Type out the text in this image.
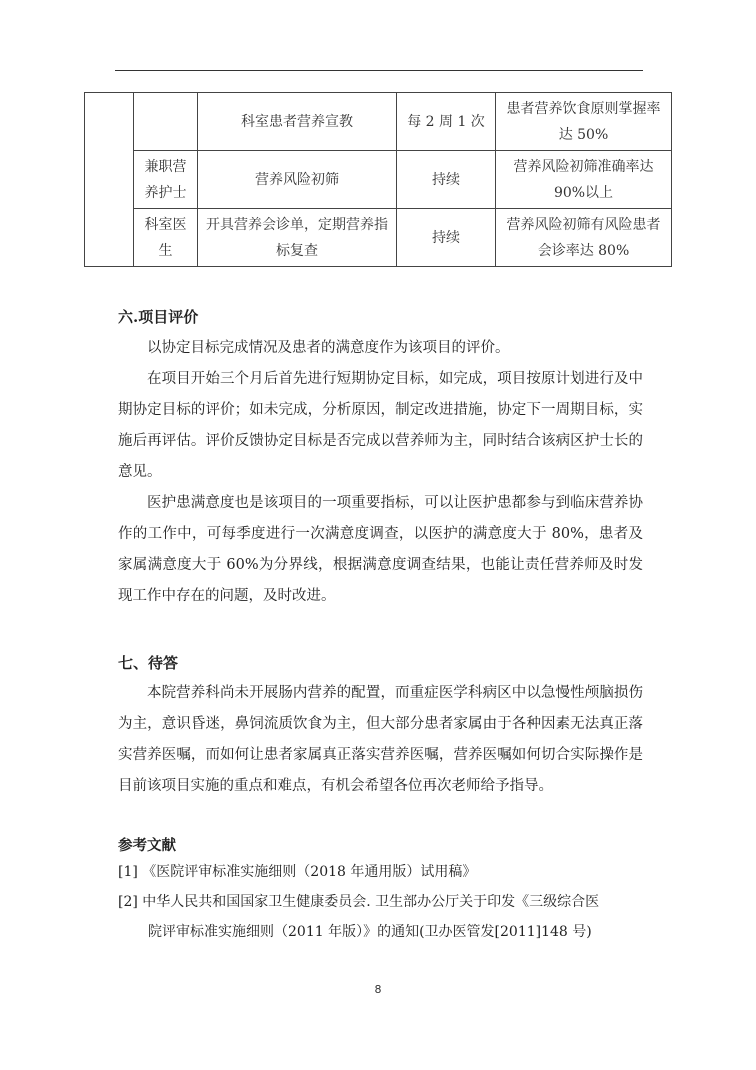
		科室患者营养宣教	每 2 周 1 次	患者营养饮食原则掌握率达 50%
	兼职营养护士	营养风险初筛	持续	营养风险初筛准确率达 90%以上
	科室医生	开具营养会诊单，定期营养指标复查	持续	营养风险初筛有风险患者会诊率达 80%
六.项目评价

以协定目标完成情况及患者的满意度作为该项目的评价。

在项目开始三个月后首先进行短期协定目标，如完成，项目按原计划进行及中期协定目标的评价；如未完成，分析原因，制定改进措施，协定下一周期目标，实施后再评估。评价反馈协定目标是否完成以营养师为主，同时结合该病区护士长的意见。

医护患满意度也是该项目的一项重要指标，可以让医护患都参与到临床营养协作的工作中，可每季度进行一次满意度调查，以医护的满意度大于 80%，患者及家属满意度大于 60%为分界线，根据满意度调查结果，也能让责任营养师及时发现工作中存在的问题，及时改进。

七、待答

本院营养科尚未开展肠内营养的配置，而重症医学科病区中以急慢性颅脑损伤为主，意识昏迷，鼻饲流质饮食为主，但大部分患者家属由于各种因素无法真正落实营养医嘱，而如何让患者家属真正落实营养医嘱，营养医嘱如何切合实际操作是目前该项目实施的重点和难点，有机会希望各位再次老师给予指导。

参考文献

[1] 《医院评审标准实施细则（2018 年通用版）试用稿》

[2] 中华人民共和国国家卫生健康委员会. 卫生部办公厅关于印发《三级综合医

院评审标准实施细则（2011 年版）》的通知(卫办医管发[2011]148 号)

8
